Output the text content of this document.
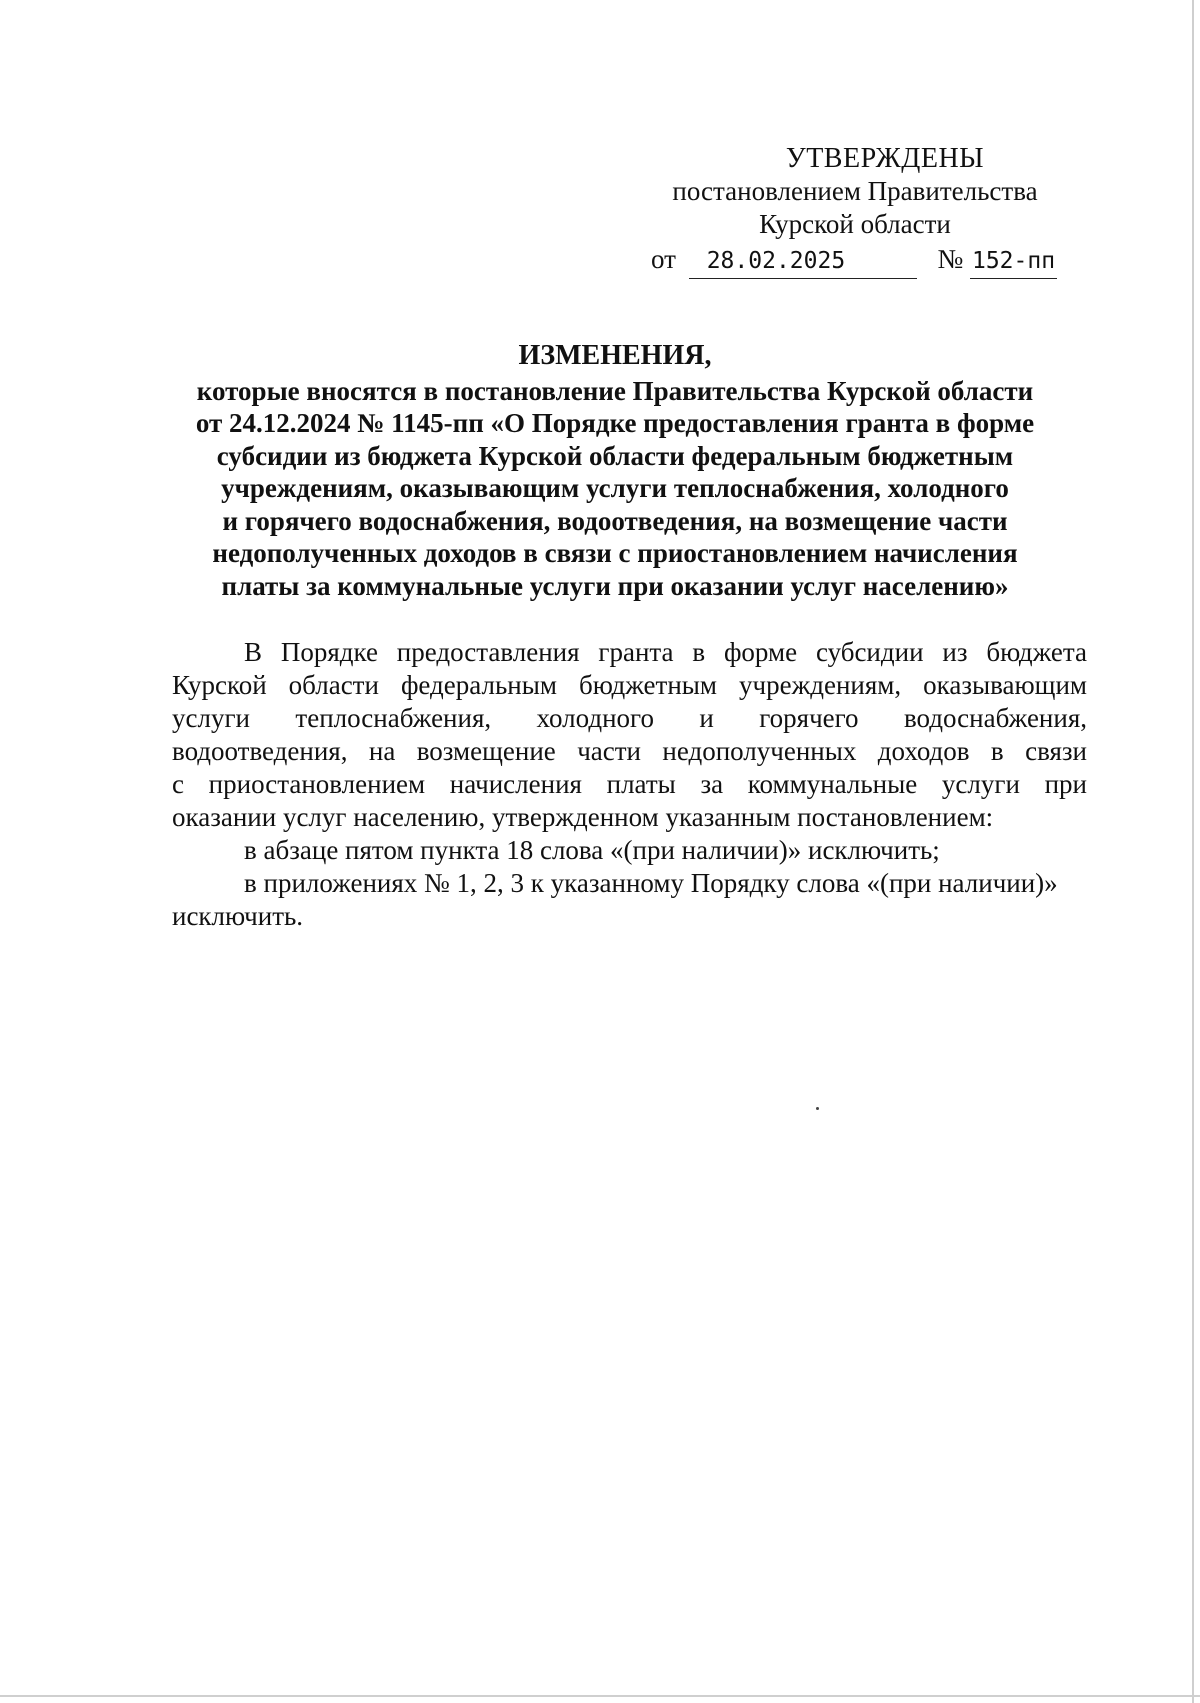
УТВЕРЖДЕНЫ
постановлением Правительства
Курской области
от 28.02.2025	№ 152-пп
ИЗМЕНЕНИЯ,
которые вносятся в постановление Правительства Курской области
от 24.12.2024 № 1145-пп «О Порядке предоставления гранта в форме
субсидии из бюджета Курской области федеральным бюджетным
учреждениям, оказывающим услуги теплоснабжения, холодного
и горячего водоснабжения, водоотведения, на возмещение части
недополученных доходов в связи с приостановлением начисления
платы за коммунальные услуги при оказании услуг населению»
В Порядке предоставления гранта в форме субсидии из бюджета
Курской области федеральным бюджетным учреждениям, оказывающим
услуги теплоснабжения, холодного и горячего водоснабжения,
водоотведения, на возмещение части недополученных доходов в связи
с приостановлением начисления платы за коммунальные услуги при
оказании услуг населению, утвержденном указанным постановлением:

в абзаце пятом пункта 18 слова «(при наличии)» исключить;

в приложениях № 1, 2, 3 к указанному Порядку слова «(при наличии)» исключить.
